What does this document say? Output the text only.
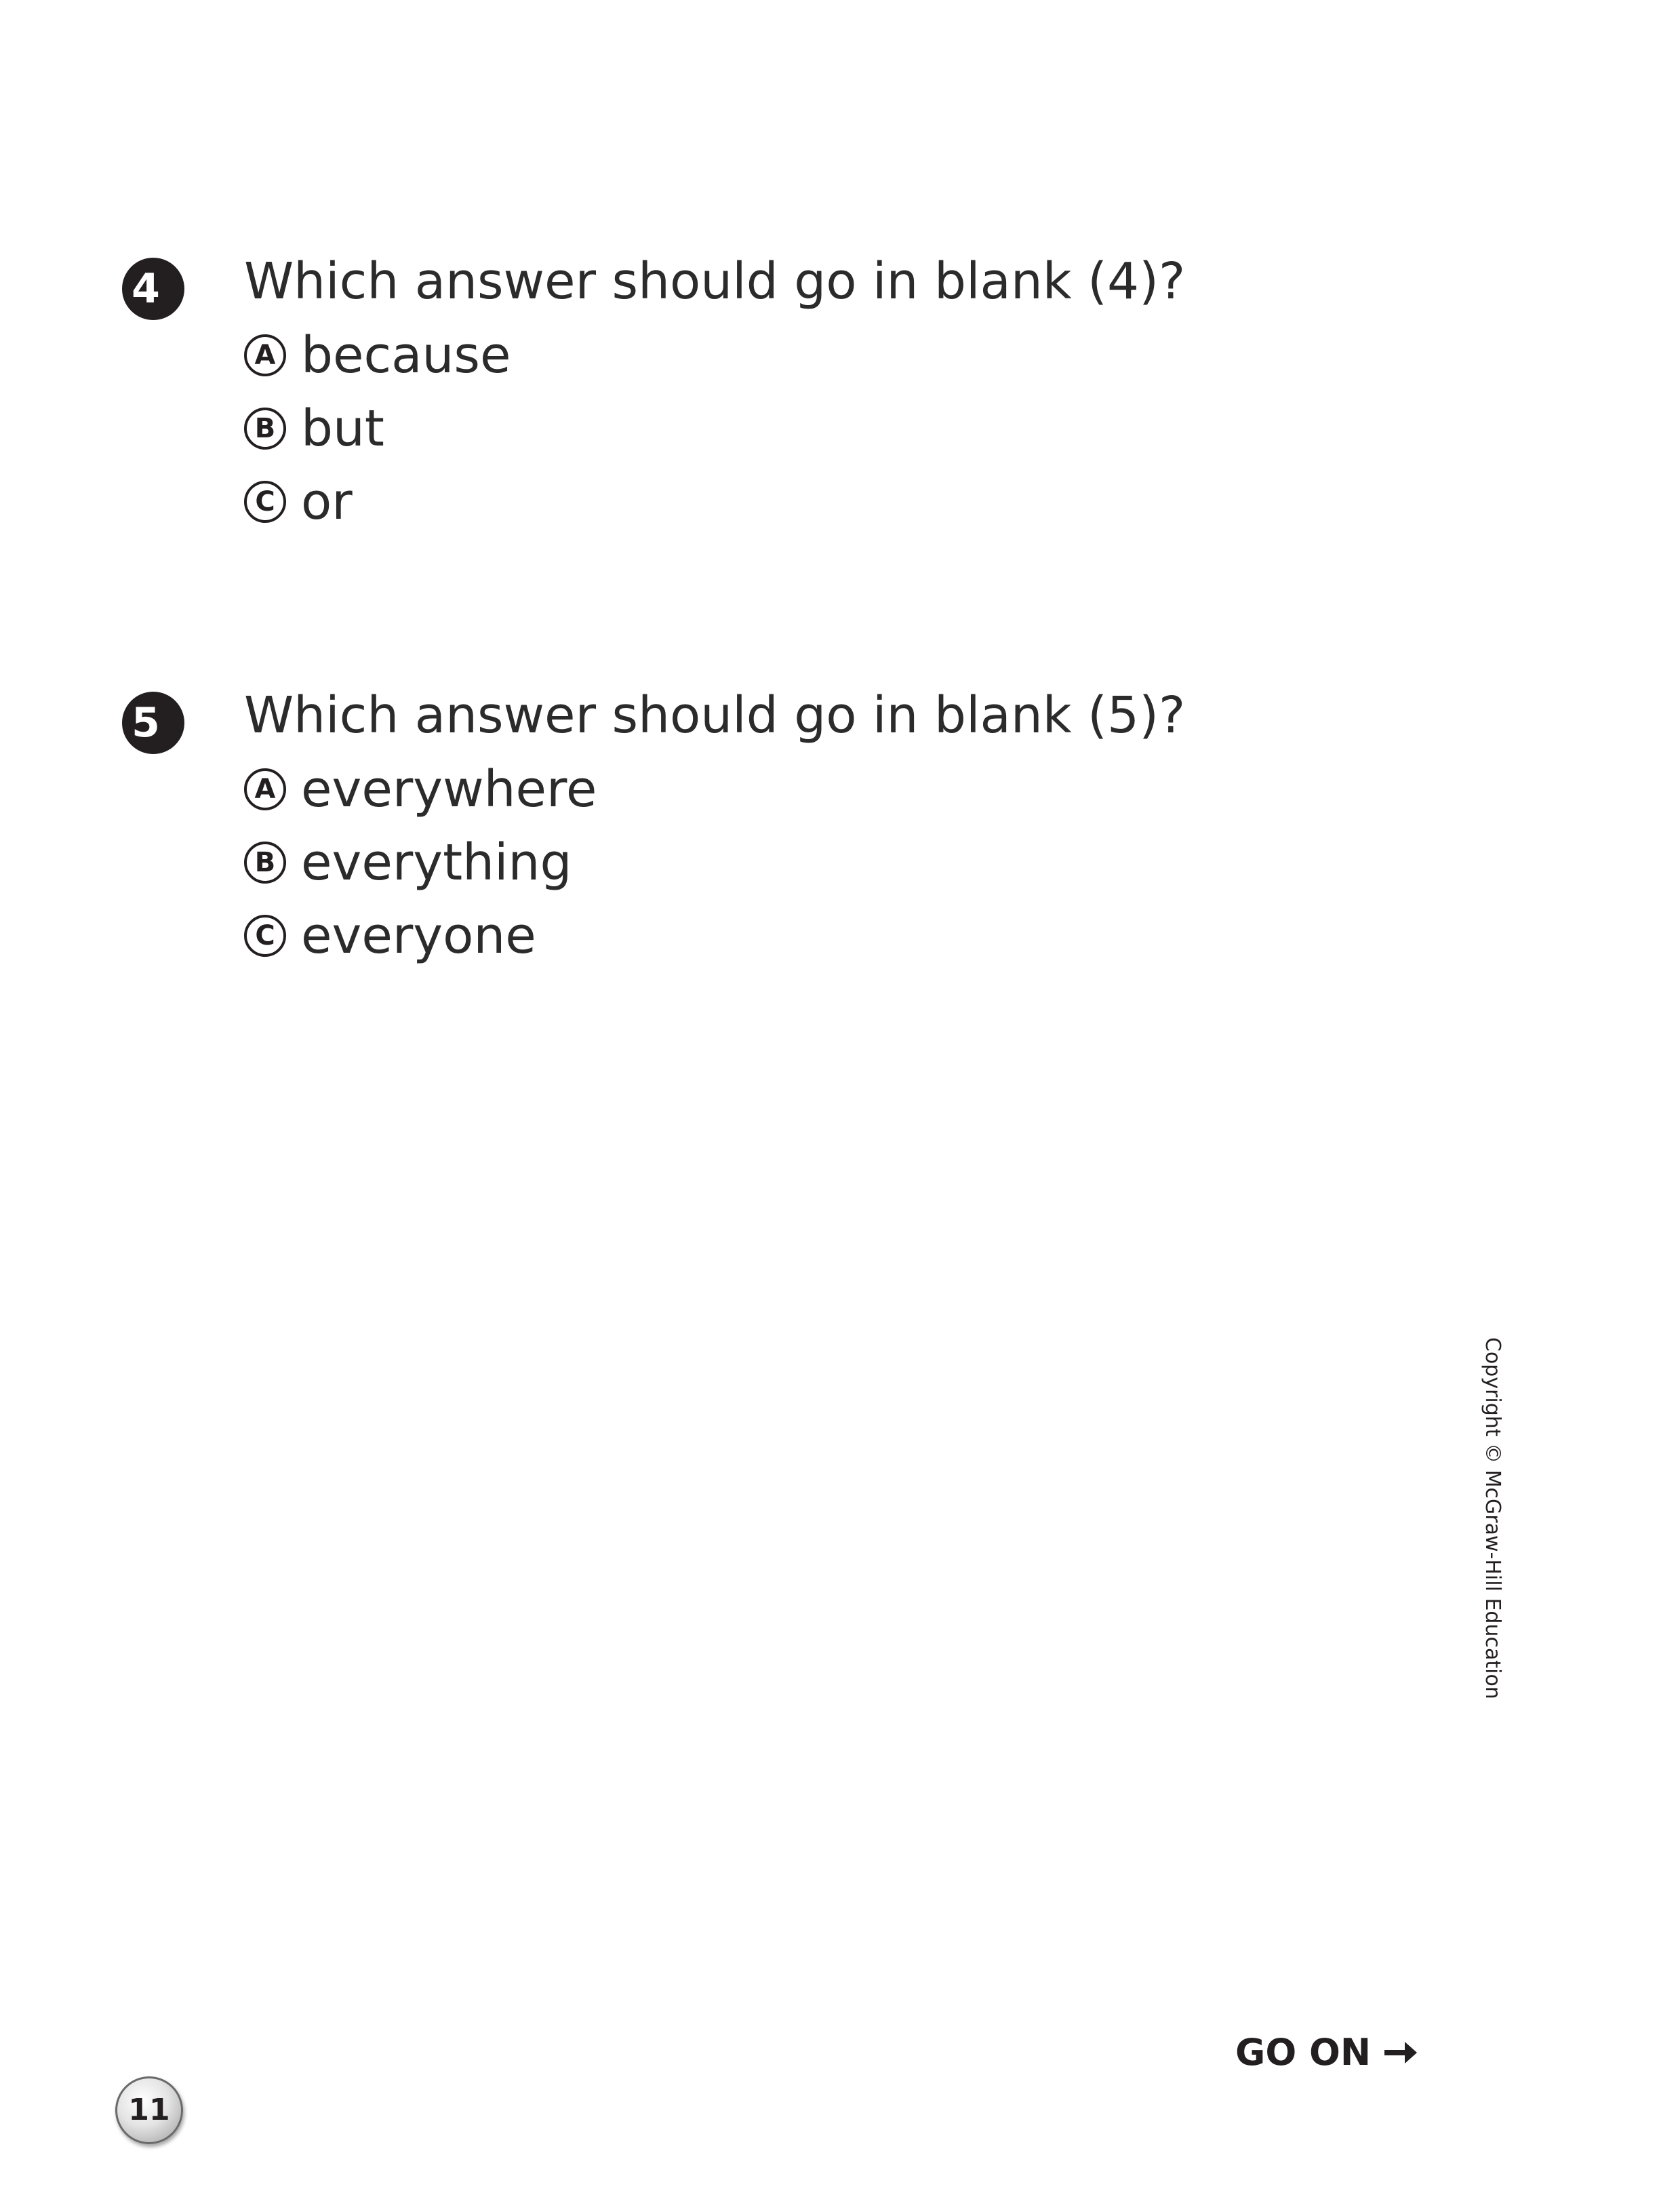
4	Which answer should go in blank (4)?
A because
B but
C or
5	Which answer should go in blank (5)?
A everywhere
B everything
C everyone
Copyright © McGraw-Hill Education
GO ON
11
